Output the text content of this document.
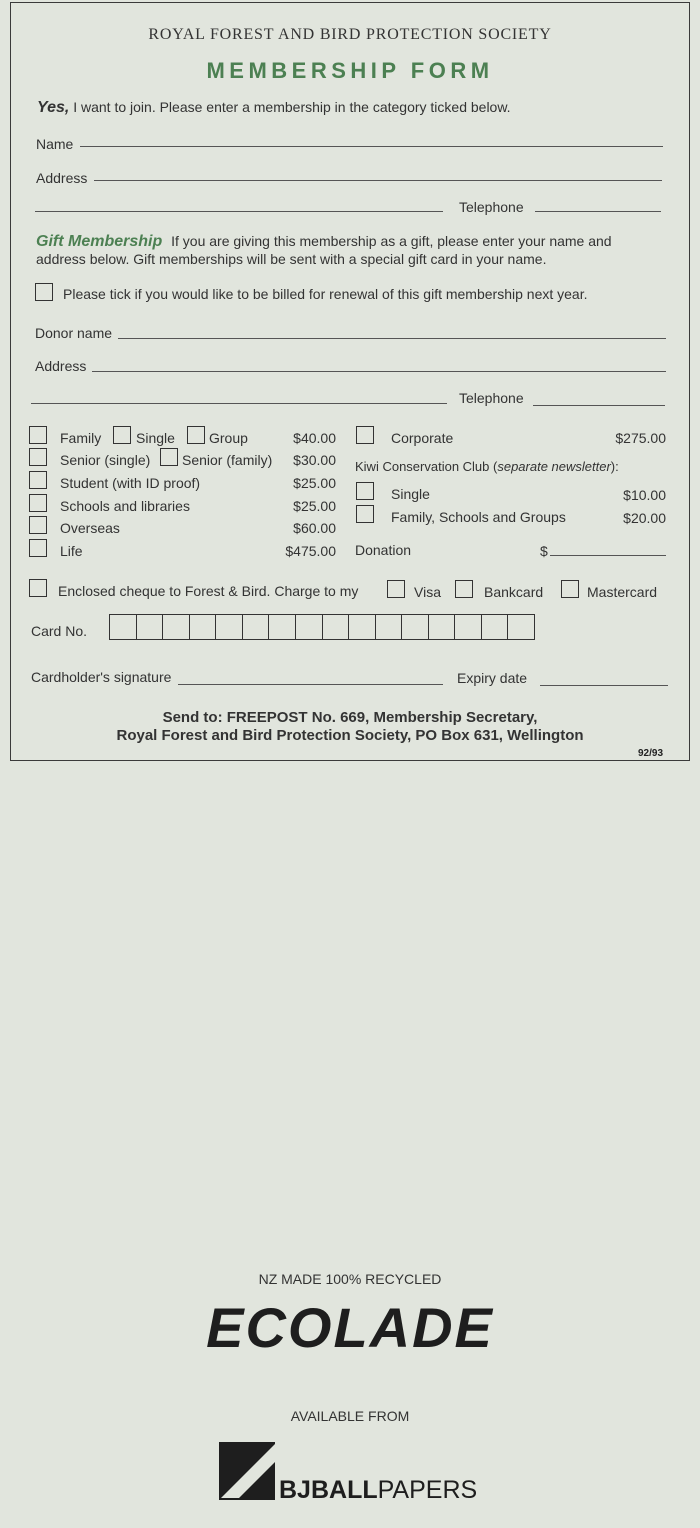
ROYAL FOREST AND BIRD PROTECTION SOCIETY
MEMBERSHIP FORM
Yes, I want to join. Please enter a membership in the category ticked below.
Name
Address
Telephone
Gift Membership If you are giving this membership as a gift, please enter your name and
address below. Gift memberships will be sent with a special gift card in your name.
Please tick if you would like to be billed for renewal of this gift membership next year.
Donor name
Address
Telephone
Family Single Group	$40.00
Senior (single) Senior (family)	$30.00
Student (with ID proof)	$25.00
Schools and libraries	$25.00
Overseas	$60.00
Life	$475.00
Corporate	$275.00
Kiwi Conservation Club (separate newsletter):
Single	$10.00
Family, Schools and Groups	$20.00
Donation	$
Enclosed cheque to Forest & Bird. Charge to my	Visa	Bankcard	Mastercard
Card No.
Cardholder's signature	Expiry date
Send to: FREEPOST No. 669, Membership Secretary,
Royal Forest and Bird Protection Society, PO Box 631, Wellington
92/93
NZ MADE 100% RECYCLED
ECOLADE
AVAILABLE FROM
BJBALLPAPERS
